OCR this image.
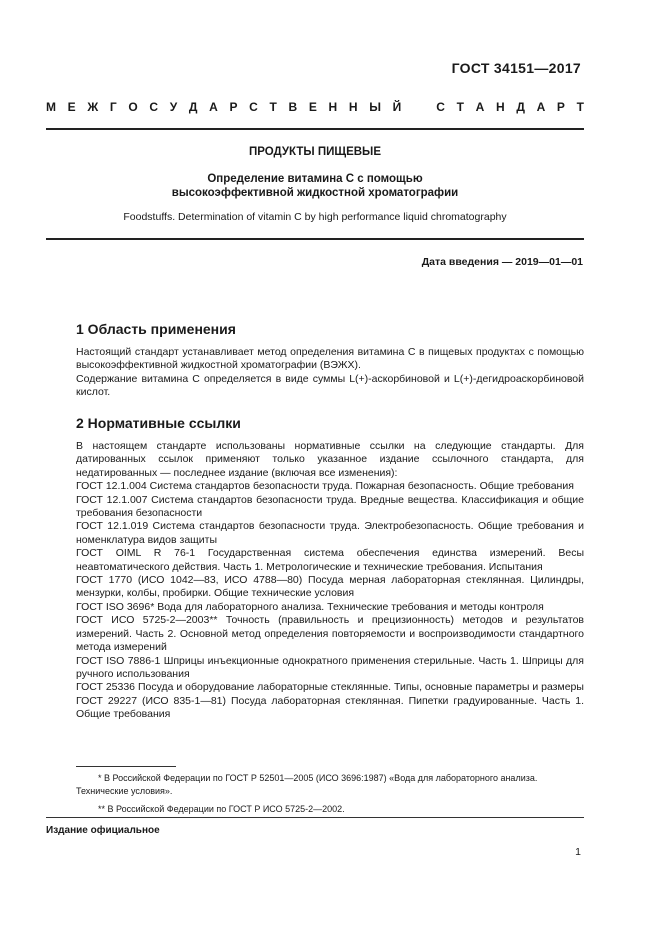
ГОСТ 34151—2017
М Е Ж Г О С У Д А Р С Т В Е Н Н Ы Й	С Т А Н Д А Р Т
ПРОДУКТЫ ПИЩЕВЫЕ
Определение витамина С с помощью
высокоэффективной жидкостной хроматографии
Foodstuffs. Determination of vitamin С by high performance liquid chromatography
Дата введения — 2019—01—01
1 Область применения

Настоящий стандарт устанавливает метод определения витамина С в пищевых продуктах с помощью высокоэффективной жидкостной хроматографии (ВЭЖХ).

Содержание витамина С определяется в виде суммы L(+)-аскорбиновой и L(+)-дегидроаскорбиновой кислот.

2 Нормативные ссылки

В настоящем стандарте использованы нормативные ссылки на следующие стандарты. Для датированных ссылок применяют только указанное издание ссылочного стандарта, для недатированных — последнее издание (включая все изменения):

ГОСТ 12.1.004 Система стандартов безопасности труда. Пожарная безопасность. Общие требования

ГОСТ 12.1.007 Система стандартов безопасности труда. Вредные вещества. Классификация и общие требования безопасности

ГОСТ 12.1.019 Система стандартов безопасности труда. Электробезопасность. Общие требования и номенклатура видов защиты

ГОСТ OIML R 76-1 Государственная система обеспечения единства измерений. Весы неавтоматического действия. Часть 1. Метрологические и технические требования. Испытания

ГОСТ 1770 (ИСО 1042—83, ИСО 4788—80) Посуда мерная лабораторная стеклянная. Цилиндры, мензурки, колбы, пробирки. Общие технические условия

ГОСТ ISO 3696* Вода для лабораторного анализа. Технические требования и методы контроля

ГОСТ ИСО 5725-2—2003** Точность (правильность и прецизионность) методов и результатов измерений. Часть 2. Основной метод определения повторяемости и воспроизводимости стандартного метода измерений

ГОСТ ISO 7886-1 Шприцы инъекционные однократного применения стерильные. Часть 1. Шприцы для ручного использования

ГОСТ 25336 Посуда и оборудование лабораторные стеклянные. Типы, основные параметры и размеры

ГОСТ 29227 (ИСО 835-1—81) Посуда лабораторная стеклянная. Пипетки градуированные. Часть 1. Общие требования

* В Российской Федерации по ГОСТ Р 52501—2005 (ИСО 3696:1987) «Вода для лабораторного анализа. Технические условия».

** В Российской Федерации по ГОСТ Р ИСО 5725-2—2002.

Издание официальное
1
